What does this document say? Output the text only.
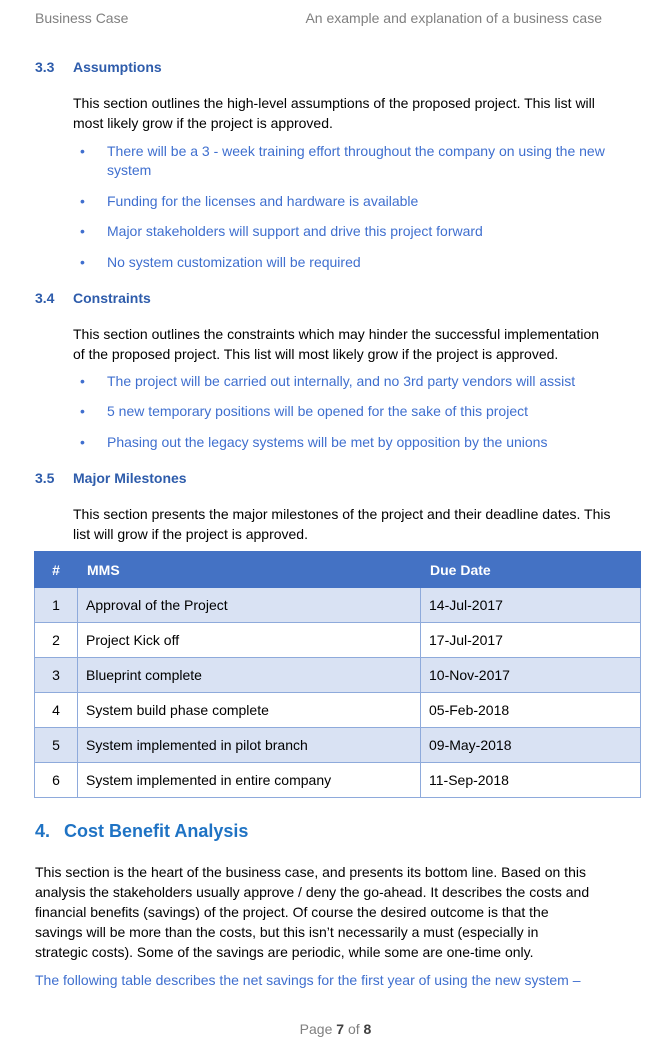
Business Case	An example and explanation of a business case
3.3 Assumptions
This section outlines the high-level assumptions of the proposed project. This list will most likely grow if the project is approved.
• There will be a 3 - week training effort throughout the company on using the new system
• Funding for the licenses and hardware is available
• Major stakeholders will support and drive this project forward
• No system customization will be required
3.4 Constraints
This section outlines the constraints which may hinder the successful implementation of the proposed project. This list will most likely grow if the project is approved.
• The project will be carried out internally, and no 3rd party vendors will assist
• 5 new temporary positions will be opened for the sake of this project
• Phasing out the legacy systems will be met by opposition by the unions
3.5 Major Milestones
This section presents the major milestones of the project and their deadline dates. This list will grow if the project is approved.
#	MMS	Due Date
1	Approval of the Project	14-Jul-2017
2	Project Kick off	17-Jul-2017
3	Blueprint complete	10-Nov-2017
4	System build phase complete	05-Feb-2018
5	System implemented in pilot branch	09-May-2018
6	System implemented in entire company	11-Sep-2018
4. Cost Benefit Analysis
This section is the heart of the business case, and presents its bottom line. Based on this analysis the stakeholders usually approve / deny the go-ahead. It describes the costs and financial benefits (savings) of the project. Of course the desired outcome is that the savings will be more than the costs, but this isn’t necessarily a must (especially in strategic costs). Some of the savings are periodic, while some are one-time only.
The following table describes the net savings for the first year of using the new system –
Page 7 of 8
